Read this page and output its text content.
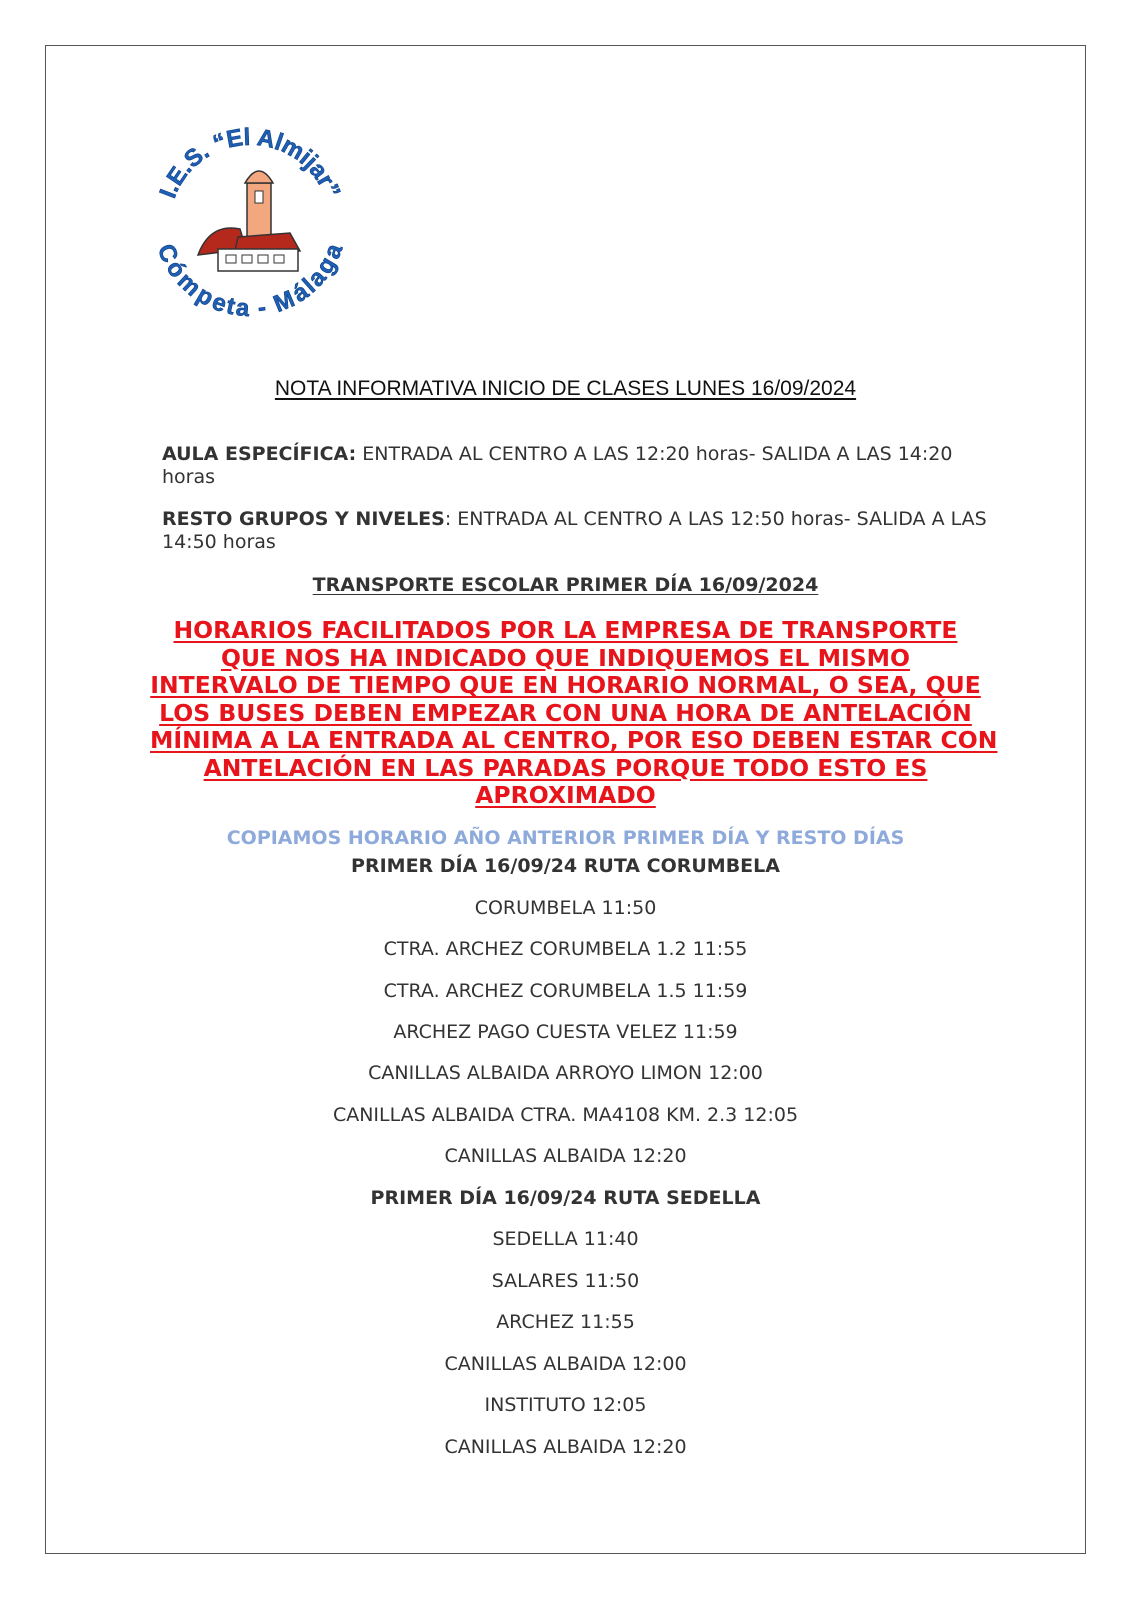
I.E.S. “El Almijar”
Cómpeta - Málaga
NOTA INFORMATIVA INICIO DE CLASES LUNES 16/09/2024
AULA ESPECÍFICA: ENTRADA AL CENTRO A LAS 12:20 horas- SALIDA A LAS 14:20 horas
RESTO GRUPOS Y NIVELES: ENTRADA AL CENTRO A LAS 12:50 horas- SALIDA A LAS 14:50 horas
TRANSPORTE ESCOLAR PRIMER DÍA 16/09/2024
HORARIOS FACILITADOS POR LA EMPRESA DE TRANSPORTE
QUE NOS HA INDICADO QUE INDIQUEMOS EL MISMO
INTERVALO DE TIEMPO QUE EN HORARIO NORMAL, O SEA, QUE
LOS BUSES DEBEN EMPEZAR CON UNA HORA DE ANTELACIÓN
MÍNIMA A LA ENTRADA AL CENTRO, POR ESO DEBEN ESTAR CON
ANTELACIÓN EN LAS PARADAS PORQUE TODO ESTO ES
APROXIMADO
COPIAMOS HORARIO AÑO ANTERIOR PRIMER DÍA Y RESTO DÍAS
PRIMER DÍA 16/09/24 RUTA CORUMBELA
CORUMBELA 11:50
CTRA. ARCHEZ CORUMBELA 1.2 11:55
CTRA. ARCHEZ CORUMBELA 1.5 11:59
ARCHEZ PAGO CUESTA VELEZ 11:59
CANILLAS ALBAIDA ARROYO LIMON 12:00
CANILLAS ALBAIDA CTRA. MA4108 KM. 2.3 12:05
CANILLAS ALBAIDA 12:20
PRIMER DÍA 16/09/24 RUTA SEDELLA
SEDELLA 11:40
SALARES 11:50
ARCHEZ 11:55
CANILLAS ALBAIDA 12:00
INSTITUTO 12:05
CANILLAS ALBAIDA 12:20
